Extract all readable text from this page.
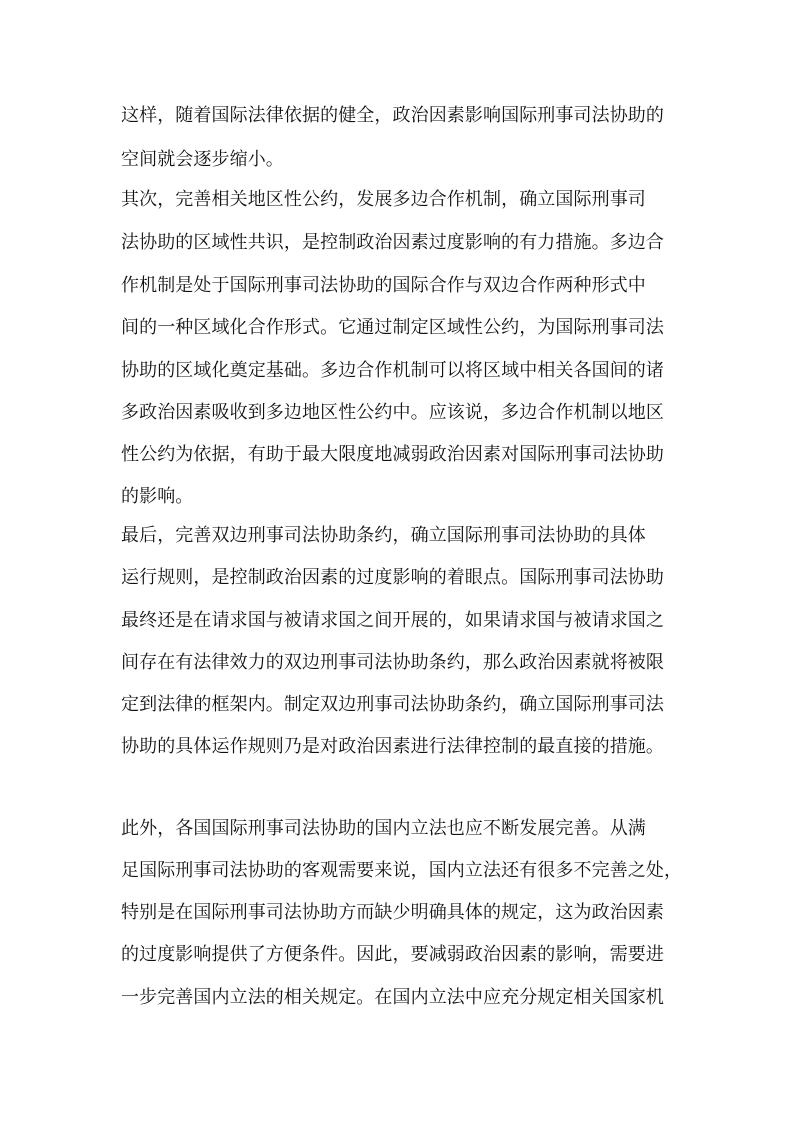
这样，随着国际法律依据的健全，政治因素影响国际刑事司法协助的
空间就会逐步缩小。
其次，完善相关地区性公约，发展多边合作机制，确立国际刑事司
法协助的区域性共识，是控制政治因素过度影响的有力措施。多边合
作机制是处于国际刑事司法协助的国际合作与双边合作两种形式中
间的一种区域化合作形式。它通过制定区域性公约，为国际刑事司法
协助的区域化奠定基础。多边合作机制可以将区域中相关各国间的诸
多政治因素吸收到多边地区性公约中。应该说，多边合作机制以地区
性公约为依据，有助于最大限度地减弱政治因素对国际刑事司法协助
的影响。
最后，完善双边刑事司法协助条约，确立国际刑事司法协助的具体
运行规则，是控制政治因素的过度影响的着眼点。国际刑事司法协助
最终还是在请求国与被请求国之间开展的，如果请求国与被请求国之
间存在有法律效力的双边刑事司法协助条约，那么政治因素就将被限
定到法律的框架内。制定双边刑事司法协助条约，确立国际刑事司法
协助的具体运作规则乃是对政治因素进行法律控制的最直接的措施。
此外，各国国际刑事司法协助的国内立法也应不断发展完善。从满
足国际刑事司法协助的客观需要来说，国内立法还有很多不完善之处，
特别是在国际刑事司法协助方而缺少明确具体的规定，这为政治因素
的过度影响提供了方便条件。因此，要减弱政治因素的影响，需要进
一步完善国内立法的相关规定。在国内立法中应充分规定相关国家机
